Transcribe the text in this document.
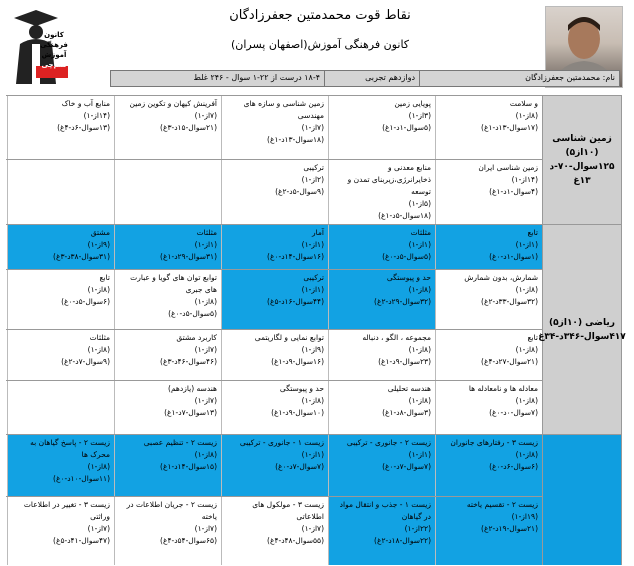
کانون
فرهنگی
آموزش
قلم‌چی
نقاط قوت محمدمتین جعفرزادگان
کانون فرهنگی آموزش(اصفهان پسران)
نام: محمدمتین جعفرزادگان
دوازدهم تجربی
۱۸-۴ درست از ۲۲-۱ سوال - ۲۴۶ غلط
زمین شناسی (۱۰از۵) ۱۲۵سوال-۷۰-د ۱۳غ
و سلامت
(۸از-۱)
(۱۷سوال-۱۳د-۱غ)
پویایی زمین
(۳از-۱)
(۵سوال-۱د-۱غ)
زمین شناسی و سازه های مهندسی
(۷از-۱)
(۱۸سوال-۱۳د-۱غ)
آفرینش کیهان و تکوین زمین
(۷از-۱)
(۲۱سوال-۱۵د-۳غ)
منابع آب و خاک
(۱۴از-۱)
(۱۳سوال-۶د-۴غ)
زمین شناسی ایران
(۱۴از-۱)
(۴سوال-۱د-۱غ)
منابع معدنی و ذخایرانرژی،زیربنای تمدن و توسعه
(۵از-۱)
(۱۸سوال-۵د-۱غ)
ترکیبی
(۲از-۱)
(۹سوال-۵د-۲غ)
ریاضی (۱۰از۵) ۴۱۷سوال-۳۴۶د-۳۴غ
تابع
(۱از-۱)
(۱سوال-۱د-۰غ)
مثلثات
(۱از-۱)
(۵سوال-۵د-۰غ)
آمار
(۱از-۱)
(۱۶سوال-۱۴د-۰غ)
مثلثات
(۱از-۱)
(۳۱سوال-۲۹د-۱غ)
مشتق
(۹از-۱)
(۳۱سوال-۳۸د-۳غ)
شمارش، بدون شمارش
(۸از-۱)
(۳۲سوال-۳۳د-۲غ)
حد و پیوستگی
(۸از-۱)
(۳۲سوال-۲۹د-۲غ)
ترکیبی
(۱از-۱)
(۴۴سوال-۱۶د-۵غ)
توابع توان های گویا و عبارت های جبری
(۸از-۱)
(۵سوال-۵د-۰غ)
تابع
(۸از-۱)
(۶سوال-۵د-۰غ)
تابع
(۸از-۱)
(۲۱سوال-۲۷د-۴غ)
مجموعه ، الگو ، دنباله
(۸از-۱)
(۲۳سوال-۹د-۱غ)
توابع نمایی و لگاریتمی
(۹از-۱)
(۱۶سوال-۹د-۱غ)
کاربرد مشتق
(۷از-۱)
(۴۶سوال-۴۶د-۳غ)
مثلثات
(۸از-۱)
(۹سوال-۷د-۲غ)
معادله ها و نامعادله ها
(۸از-۱)
(۷سوال-۰د-۰غ)
هندسه تحلیلی
(۸از-۱)
(۳سوال-۸د-۱غ)
حد و پیوستگی
(۸از-۱)
(۱۰سوال-۹د-۱غ)
هندسه (یازدهم)
(۷از-۱)
(۱۳سوال-۷د-۱غ)
زیست ۳ - رفتارهای جانوران
(۸از-۱)
(۶سوال-۶د-۰غ)
زیست ۲ - جانوری - ترکیبی
(۱از-۱)
(۷سوال-۷د-۰غ)
زیست ۱ - جانوری - ترکیبی
(۱از-۱)
(۷سوال-۷د-۰غ)
زیست ۲ - تنظیم عصبی
(۸از-۱)
(۱۵سوال-۱۴د-۱غ)
زیست ۲ - پاسخ گیاهان به محرک ها
(۸از-۱)
(۱۱سوال-۱۰د-۰غ)
زیست ۲ - تقسیم یاخته
(۱۹از-۱)
(۲۱سوال-۱۹د-۲غ)
زیست ۱ - جذب و انتقال مواد در گیاهان
(۲۲از-۱)
(۲۲سوال-۱۸د-۲غ)
زیست ۳ - مولکول های اطلاعاتی
(۷از-۱)
(۵۵سوال-۴۸د-۴غ)
زیست ۲ - جریان اطلاعات در یاخته
(۷از-۱)
(۶۵سوال-۵۴د-۴غ)
زیست ۳ - تغییر در اطلاعات وراثتی
(۷از-۱)
(۴۷سوال-۴۱د-۵غ)
